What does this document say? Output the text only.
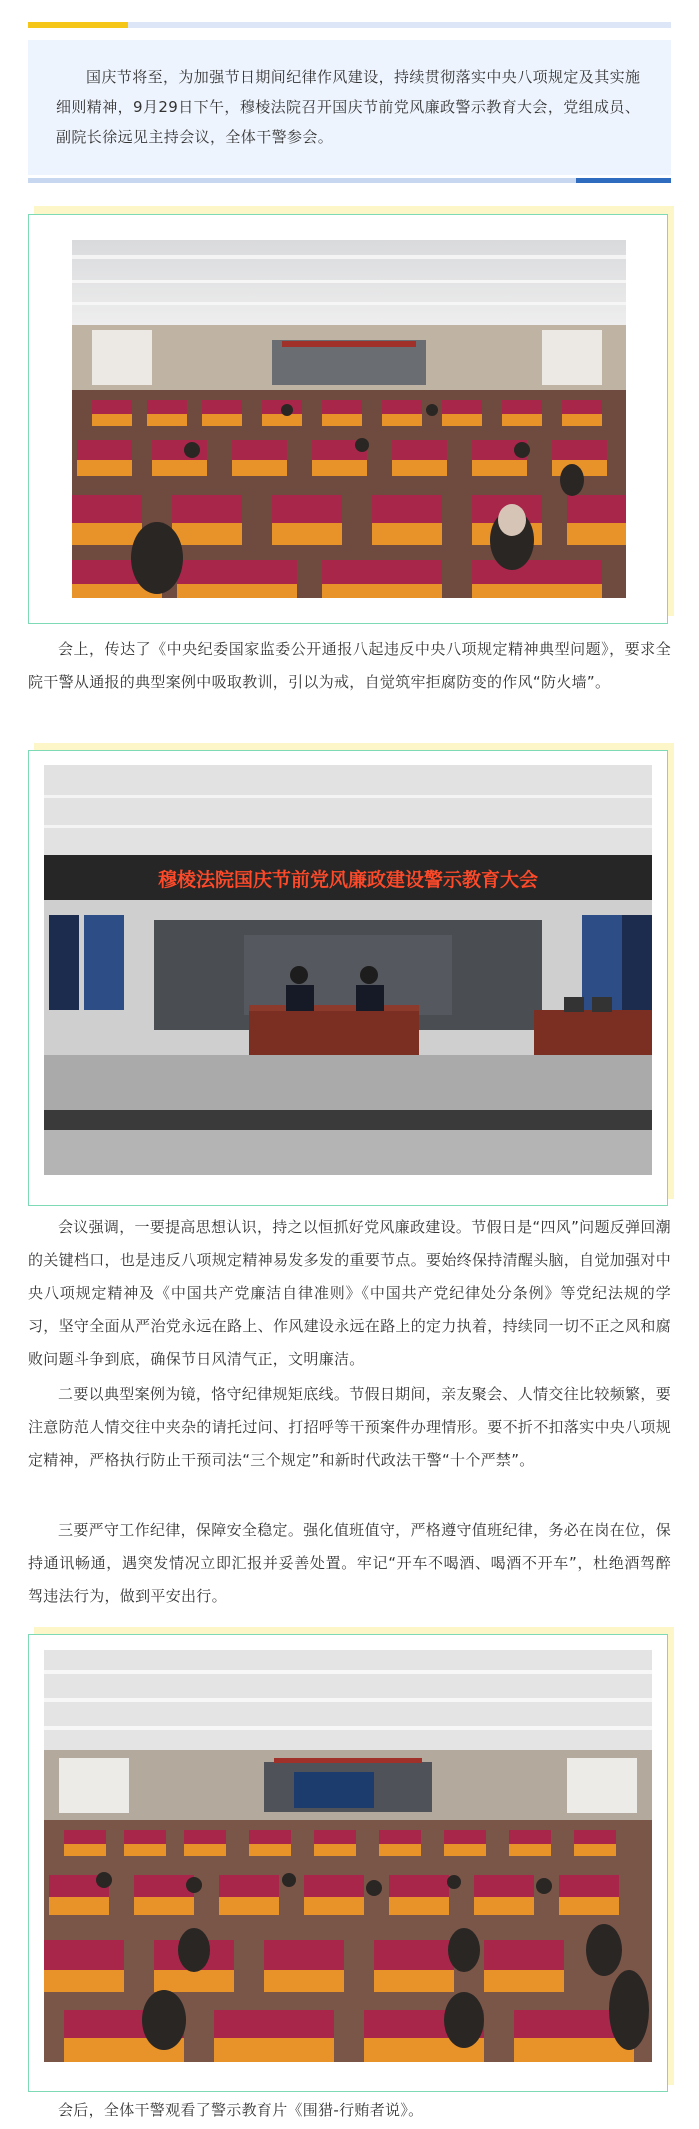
国庆节将至，为加强节日期间纪律作风建设，持续贯彻落实中央八项规定及其实施细则精神，9月29日下午，穆棱法院召开国庆节前党风廉政警示教育大会，党组成员、副院长徐远见主持会议，全体干警参会。

会上，传达了《中央纪委国家监委公开通报八起违反中央八项规定精神典型问题》，要求全院干警从通报的典型案例中吸取教训，引以为戒，自觉筑牢拒腐防变的作风“防火墙”。

穆棱法院国庆节前党风廉政建设警示教育大会

会议强调，一要提高思想认识，持之以恒抓好党风廉政建设。节假日是“四风”问题反弹回潮的关键档口，也是违反八项规定精神易发多发的重要节点。要始终保持清醒头脑，自觉加强对中央八项规定精神及《中国共产党廉洁自律准则》《中国共产党纪律处分条例》等党纪法规的学习，坚守全面从严治党永远在路上、作风建设永远在路上的定力执着，持续同一切不正之风和腐败问题斗争到底，确保节日风清气正，文明廉洁。

二要以典型案例为镜，恪守纪律规矩底线。节假日期间，亲友聚会、人情交往比较频繁，要注意防范人情交往中夹杂的请托过问、打招呼等干预案件办理情形。要不折不扣落实中央八项规定精神，严格执行防止干预司法“三个规定”和新时代政法干警“十个严禁”。

三要严守工作纪律，保障安全稳定。强化值班值守，严格遵守值班纪律，务必在岗在位，保持通讯畅通，遇突发情况立即汇报并妥善处置。牢记“开车不喝酒、喝酒不开车”，杜绝酒驾醉驾违法行为，做到平安出行。

会后，全体干警观看了警示教育片《围猎-行贿者说》。
